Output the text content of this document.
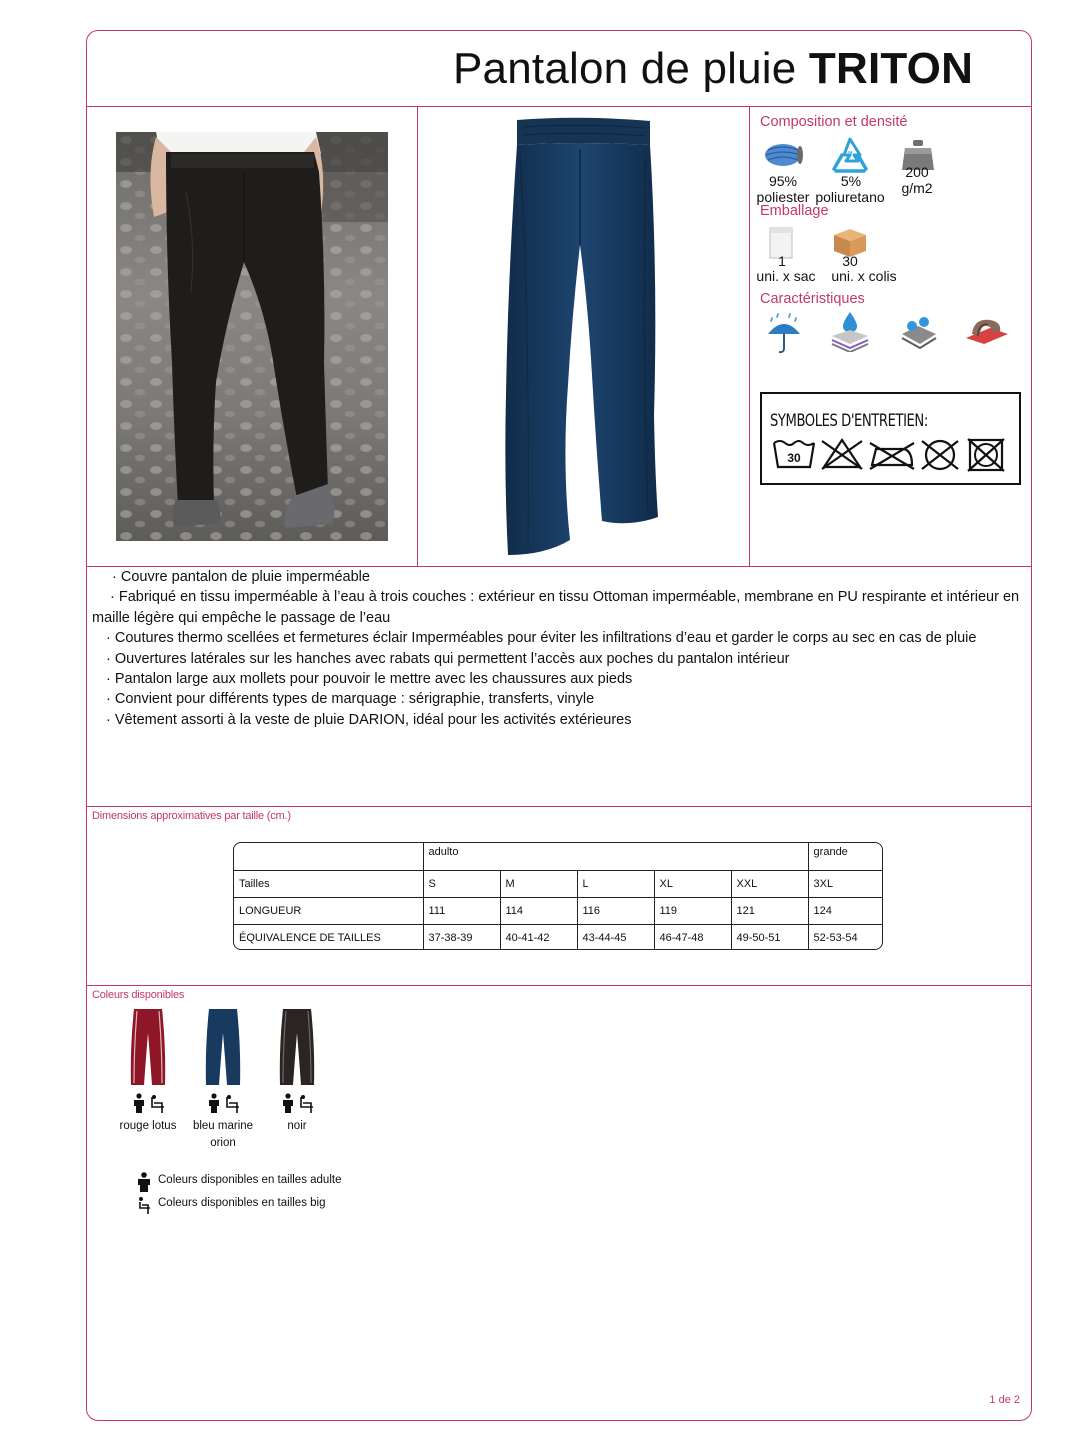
Pantalon de pluie TRITON
Composition et densité
95%
poliester
7
5%
poliuretano
200
g/m2
Emballage
1
uni. x sac
30
uni. x colis
Caractéristiques
SYMBOLES D'ENTRETIEN:
30

· Couvre pantalon de pluie imperméable

· Fabriqué en tissu imperméable à l’eau à trois couches : extérieur en tissu Ottoman imperméable, membrane en PU respirante et intérieur en maille légère qui empêche le passage de l’eau

· Coutures thermo scellées et fermetures éclair Imperméables pour éviter les infiltrations d’eau et garder le corps au sec en cas de pluie

· Ouvertures latérales sur les hanches avec rabats qui permettent l’accès aux poches du pantalon intérieur

· Pantalon large aux mollets pour pouvoir le mettre avec les chaussures aux pieds

· Convient pour différents types de marquage : sérigraphie, transferts, vinyle

· Vêtement assorti à la veste de pluie DARION, idéal pour les activités extérieures

Dimensions approximatives par taille (cm.)
	adulto					grande
Tailles	S	M	L	XL	XXL	3XL
LONGUEUR	111	114	116	119	121	124
ÉQUIVALENCE DE TAILLES	37-38-39	40-41-42	43-44-45	46-47-48	49-50-51	52-53-54
Coleurs disponibles
rouge lotus	bleu marine orion
noir
Coleurs disponibles en tailles adulte
Coleurs disponibles en tailles big
1 de 2
